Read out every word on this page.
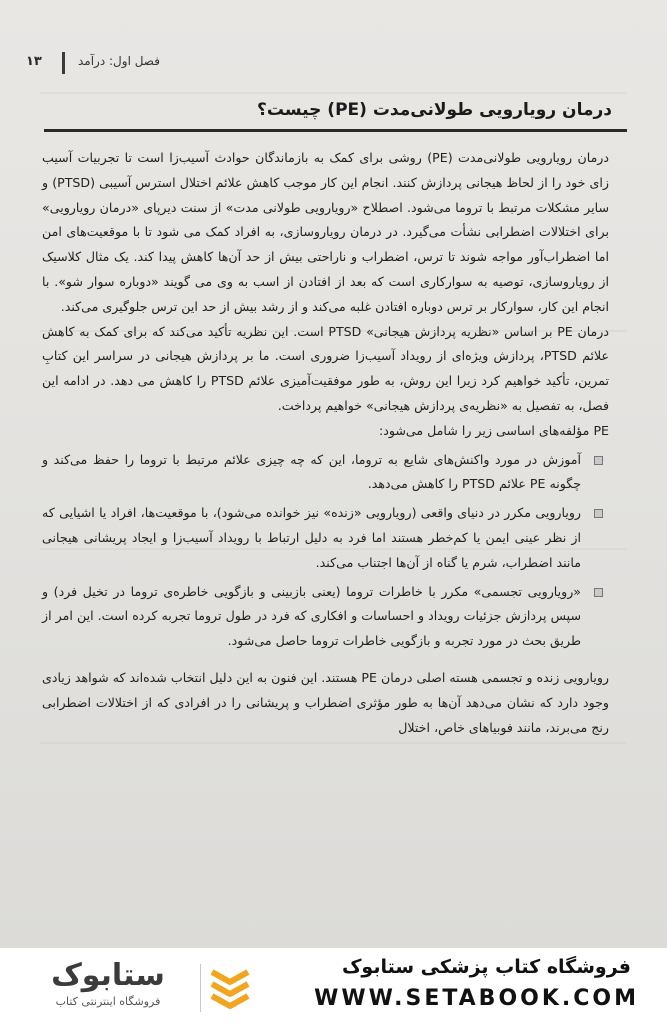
۱۳	فصل اول: درآمد
درمان رویارویی طولانی‌مدت (PE) چیست؟

درمان رویارویی طولانی‌مدت (PE) روشی برای کمک به بازماندگان حوادث آسیب‌زا است تا تجربیات آسیب زای خود را از لحاظ هیجانی پردازش کنند. انجام این کار موجب کاهش علائم اختلال استرس آسیبی (PTSD) و سایر مشکلات مرتبط با تروما می‌شود. اصطلاح «رویارویی طولانی مدت» از سنت دیرپای «درمان رویارویی» برای اختلالات اضطرابی نشأت می‌گیرد. در درمان رویاروسازی، به افراد کمک می شود تا با موقعیت‌های امن اما اضطراب‌آور مواجه شوند تا ترس، اضطراب و ناراحتی بیش از حد آن‌ها کاهش پیدا کند. یک مثال کلاسیک از رویاروسازی، توصیه به سوارکاری است که بعد از افتادن از اسب به وی می گویند «دوباره سوار شو». با انجام این کار، سوارکار بر ترس دوباره افتادن غلبه می‌کند و از رشد بیش از حد این ترس جلوگیری می‌کند.

درمان PE بر اساس «نظریه پردازش هیجانی» PTSD است. این نظریه تأکید می‌کند که برای کمک به کاهش علائم PTSD، پردازش ویژه‌ای از رویداد آسیب‌زا ضروری است. ما بر پردازش هیجانی در سراسر این کتابِ تمرین، تأکید خواهیم کرد زیرا این روش، به طور موفقیت‌آمیزی علائم PTSD را کاهش می دهد. در ادامه این فصل، به تفصیل به «نظریه‌ی پردازش هیجانی» خواهیم پرداخت.

PE مؤلفه‌های اساسی زیر را شامل می‌شود:

آموزش در مورد واکنش‌های شایع به تروما، این که چه چیزی علائم مرتبط با تروما را حفظ می‌کند و چگونه PE علائم PTSD را کاهش می‌دهد.
رویارویی مکرر در دنیای واقعی (رویارویی «زنده» نیز خوانده می‌شود)، با موقعیت‌ها، افراد یا اشیایی که از نظر عینی ایمن یا کم‌خطر هستند اما فرد به دلیل ارتباط با رویداد آسیب‌زا و ایجاد پریشانی هیجانی مانند اضطراب، شرم یا گناه از آن‌ها اجتناب می‌کند.
«رویارویی تجسمی» مکرر با خاطرات تروما (یعنی بازبینی و بازگویی خاطره‌ی تروما در تخیل فرد) و سپس پردازش جزئیات رویداد و احساسات و افکاری که فرد در طول تروما تجربه کرده است. این امر از طریق بحث در مورد تجربه و بازگویی خاطرات تروما حاصل می‌شود.

رویارویی زنده و تجسمی هسته اصلی درمان PE هستند. این فنون به این دلیل انتخاب شده‌اند که شواهد زیادی وجود دارد که نشان می‌دهد آن‌ها به طور مؤثری اضطراب و پریشانی را در افرادی که از اختلالات اضطرابی رنج می‌برند، مانند فوبیاهای خاص، اختلال

ستابوک
فروشگاه اینترنتی کتاب
فروشگاه کتاب پزشکی ستابوک
WWW.SETABOOK.COM
